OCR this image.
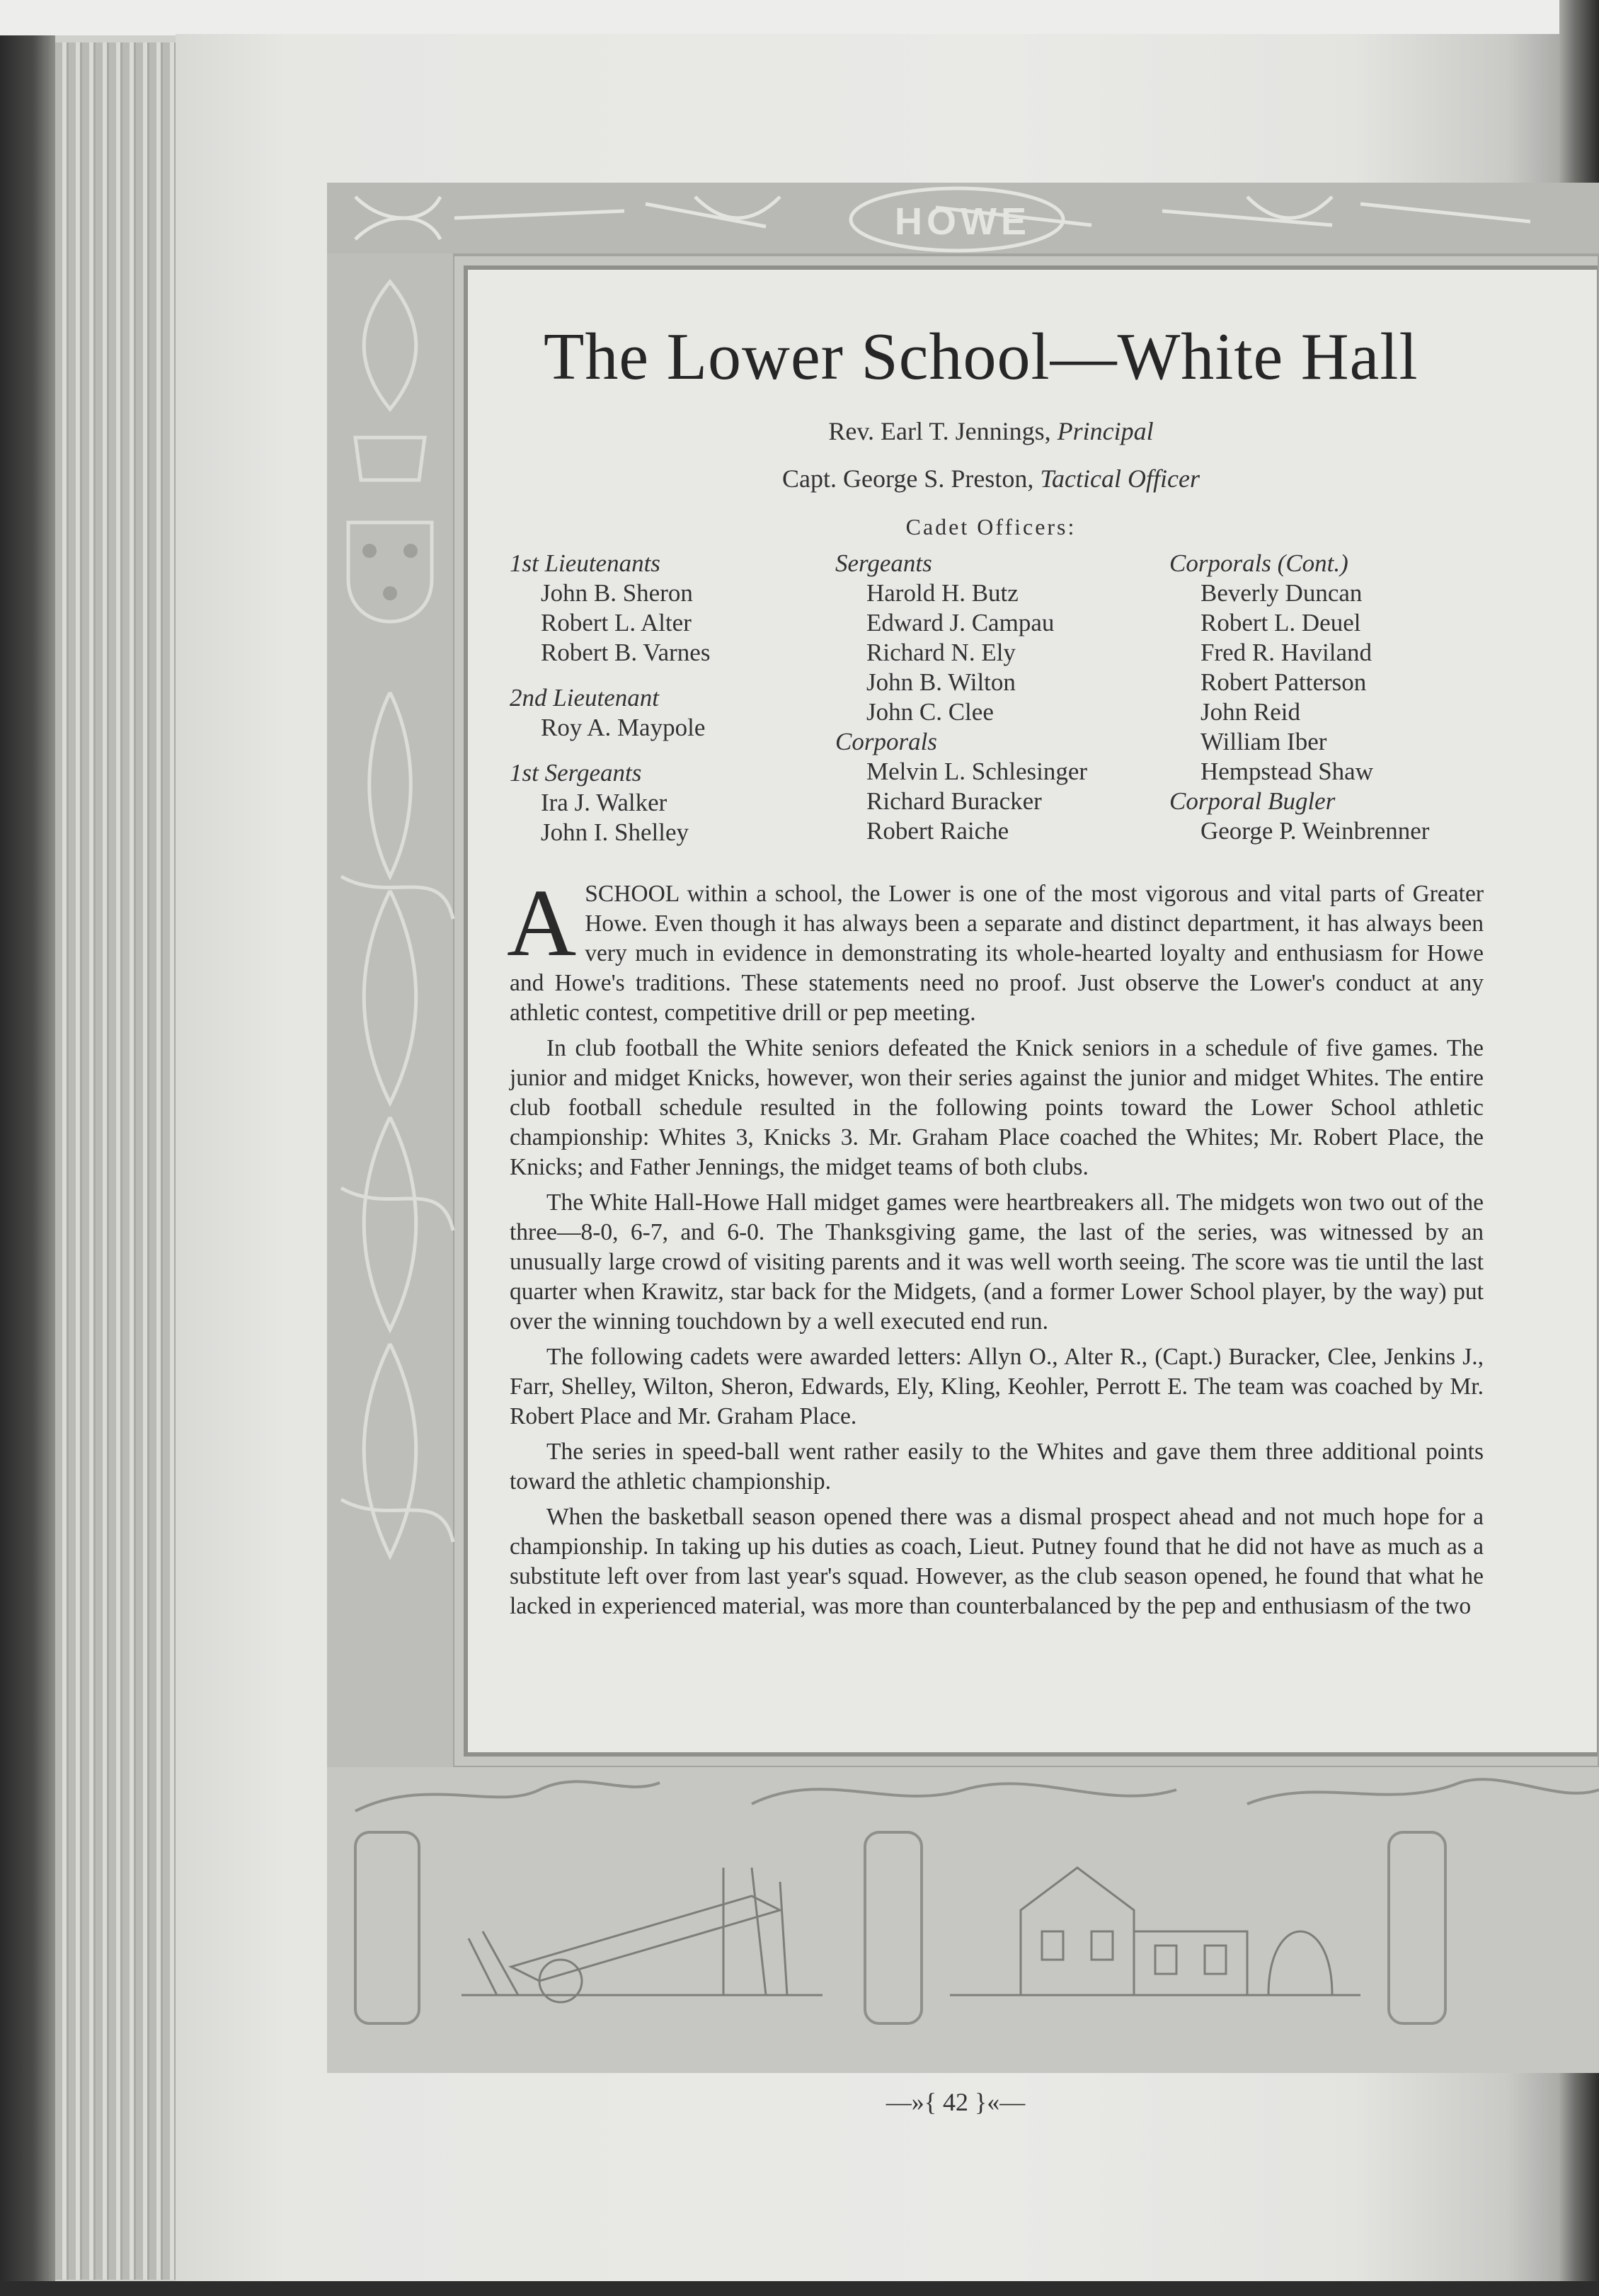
HOWE
The Lower School—White Hall
Rev. Earl T. Jennings, Principal
Capt. George S. Preston, Tactical Officer
Cadet Officers:
1st Lieutenants
John B. Sheron
Robert L. Alter
Robert B. Varnes
2nd Lieutenant
Roy A. Maypole
1st Sergeants
Ira J. Walker
John I. Shelley
Sergeants
Harold H. Butz
Edward J. Campau
Richard N. Ely
John B. Wilton
John C. Clee
Corporals
Melvin L. Schlesinger
Richard Buracker
Robert Raiche
Corporals (Cont.)
Beverly Duncan
Robert L. Deuel
Fred R. Haviland
Robert Patterson
John Reid
William Iber
Hempstead Shaw
Corporal Bugler
George P. Weinbrenner

ASCHOOL within a school, the Lower is one of the most vigorous and vital parts of Greater Howe. Even though it has always been a separate and distinct department, it has always been very much in evidence in demonstrating its whole-hearted loyalty and enthusiasm for Howe and Howe's traditions. These statements need no proof. Just observe the Lower's conduct at any athletic contest, competitive drill or pep meeting.

In club football the White seniors defeated the Knick seniors in a schedule of five games. The junior and midget Knicks, however, won their series against the junior and midget Whites. The entire club football schedule resulted in the following points toward the Lower School athletic championship: Whites 3, Knicks 3. Mr. Graham Place coached the Whites; Mr. Robert Place, the Knicks; and Father Jennings, the midget teams of both clubs.

The White Hall-Howe Hall midget games were heartbreakers all. The midgets won two out of the three—8-0, 6-7, and 6-0. The Thanksgiving game, the last of the series, was witnessed by an unusually large crowd of visiting parents and it was well worth seeing. The score was tie until the last quarter when Krawitz, star back for the Midgets, (and a former Lower School player, by the way) put over the winning touchdown by a well executed end run.

The following cadets were awarded letters: Allyn O., Alter R., (Capt.) Buracker, Clee, Jenkins J., Farr, Shelley, Wilton, Sheron, Edwards, Ely, Kling, Keohler, Perrott E. The team was coached by Mr. Robert Place and Mr. Graham Place.

The series in speed-ball went rather easily to the Whites and gave them three additional points toward the athletic championship.

When the basketball season opened there was a dismal prospect ahead and not much hope for a championship. In taking up his duties as coach, Lieut. Putney found that he did not have as much as a substitute left over from last year's squad. However, as the club season opened, he found that what he lacked in experienced material, was more than counterbalanced by the pep and enthusiasm of the two

—»{ 42 }«—
